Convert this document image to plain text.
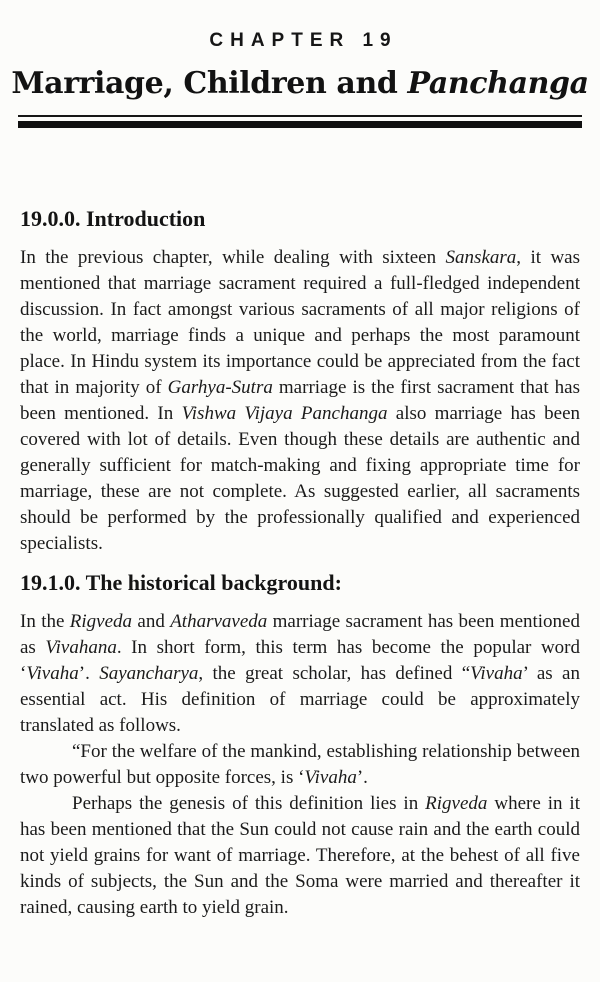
CHAPTER 19
Marriage, Children and Panchanga
19.0.0. Introduction

In the previous chapter, while dealing with sixteen Sanskara, it was mentioned that marriage sacrament required a full-fledged independent discussion. In fact amongst various sacraments of all major religions of the world, marriage finds a unique and perhaps the most paramount place. In Hindu system its importance could be appreciated from the fact that in majority of Garhya-Sutra marriage is the first sacrament that has been mentioned. In Vishwa Vijaya Panchanga also marriage has been covered with lot of details. Even though these details are authentic and generally sufficient for match-making and fixing appropriate time for marriage, these are not complete. As suggested earlier, all sacraments should be performed by the professionally qualified and experienced specialists.

19.1.0. The historical background:

In the Rigveda and Atharvaveda marriage sacrament has been mentioned as Vivahana. In short form, this term has become the popular word ‘Vivaha’. Sayancharya, the great scholar, has defined “Vivaha’ as an essential act. His definition of marriage could be approximately translated as follows.

“For the welfare of the mankind, establishing relationship between two powerful but opposite forces, is ‘Vivaha’.

Perhaps the genesis of this definition lies in Rigveda where in it has been mentioned that the Sun could not cause rain and the earth could not yield grains for want of marriage. Therefore, at the behest of all five kinds of subjects, the Sun and the Soma were married and thereafter it rained, causing earth to yield grain.
